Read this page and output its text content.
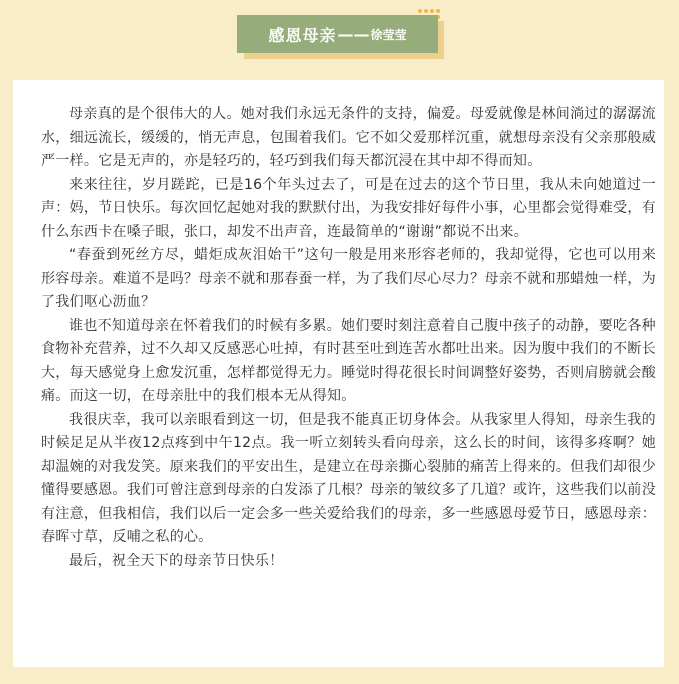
感恩母亲 —— 徐莹莹

母亲真的是个很伟大的人。她对我们永远无条件的支持，偏爱。母爱就像是林间淌过的潺潺流水，细远流长，缓缓的，悄无声息，包围着我们。它不如父爱那样沉重，就想母亲没有父亲那般威严一样。它是无声的，亦是轻巧的，轻巧到我们每天都沉浸在其中却不得而知。

来来往往，岁月蹉跎，已是16个年头过去了，可是在过去的这个节日里，我从未向她道过一声：妈，节日快乐。每次回忆起她对我的默默付出，为我安排好每件小事，心里都会觉得难受，有什么东西卡在嗓子眼，张口，却发不出声音，连最简单的“谢谢”都说不出来。

“春蚕到死丝方尽，蜡炬成灰泪始干”这句一般是用来形容老师的，我却觉得，它也可以用来形容母亲。难道不是吗？母亲不就和那春蚕一样，为了我们尽心尽力？母亲不就和那蜡烛一样，为了我们呕心沥血？

谁也不知道母亲在怀着我们的时候有多累。她们要时刻注意着自己腹中孩子的动静，要吃各种食物补充营养，过不久却又反感恶心吐掉，有时甚至吐到连苦水都吐出来。因为腹中我们的不断长大，每天感觉身上愈发沉重，怎样都觉得无力。睡觉时得花很长时间调整好姿势，否则肩膀就会酸痛。而这一切，在母亲肚中的我们根本无从得知。

我很庆幸，我可以亲眼看到这一切，但是我不能真正切身体会。从我家里人得知，母亲生我的时候足足从半夜12点疼到中午12点。我一听立刻转头看向母亲，这么长的时间，该得多疼啊？她却温婉的对我发笑。原来我们的平安出生，是建立在母亲撕心裂肺的痛苦上得来的。但我们却很少懂得要感恩。我们可曾注意到母亲的白发添了几根？母亲的皱纹多了几道？或许，这些我们以前没有注意，但我相信，我们以后一定会多一些关爱给我们的母亲，多一些感恩母爱节日，感恩母亲：春晖寸草，反哺之私的心。

最后，祝全天下的母亲节日快乐！
